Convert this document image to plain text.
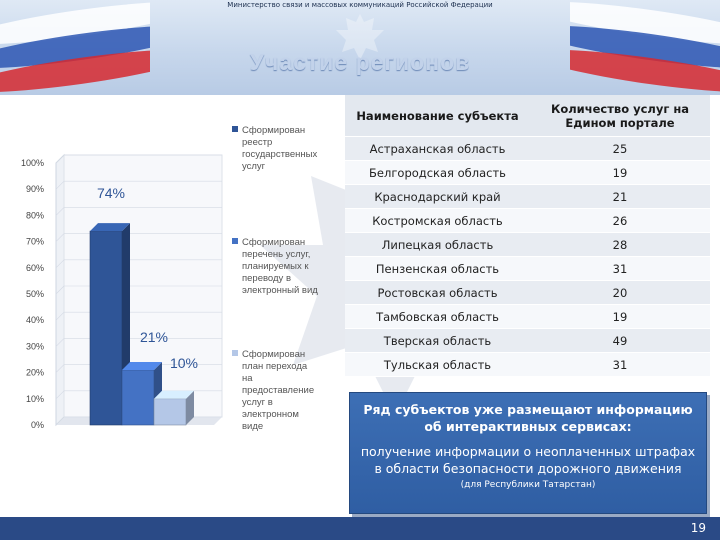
Министерство связи и массовых коммуникаций Российской Федерации
Участие регионов
0%
10%
20%
30%
40%
50%
60%
70%
80%
90%
100%
74%
21%
10%
Сформирован реестр государственных услуг
Сформирован перечень услуг, планируемых к переводу в электронный вид
Сформирован план перехода на предоставление услуг в электронном виде
Наименование субъекта	Количество услуг на Едином портале
Астраханская область	25
Белгородская область	19
Краснодарский край	21
Костромская область	26
Липецкая область	28
Пензенская область	31
Ростовская область	20
Тамбовская область	19
Тверская область	49
Тульская область	31
Ряд субъектов уже размещают информацию об интерактивных сервисах:
получение информации о неоплаченных штрафах в области безопасности дорожного движения
(для Республики Татарстан)
19
